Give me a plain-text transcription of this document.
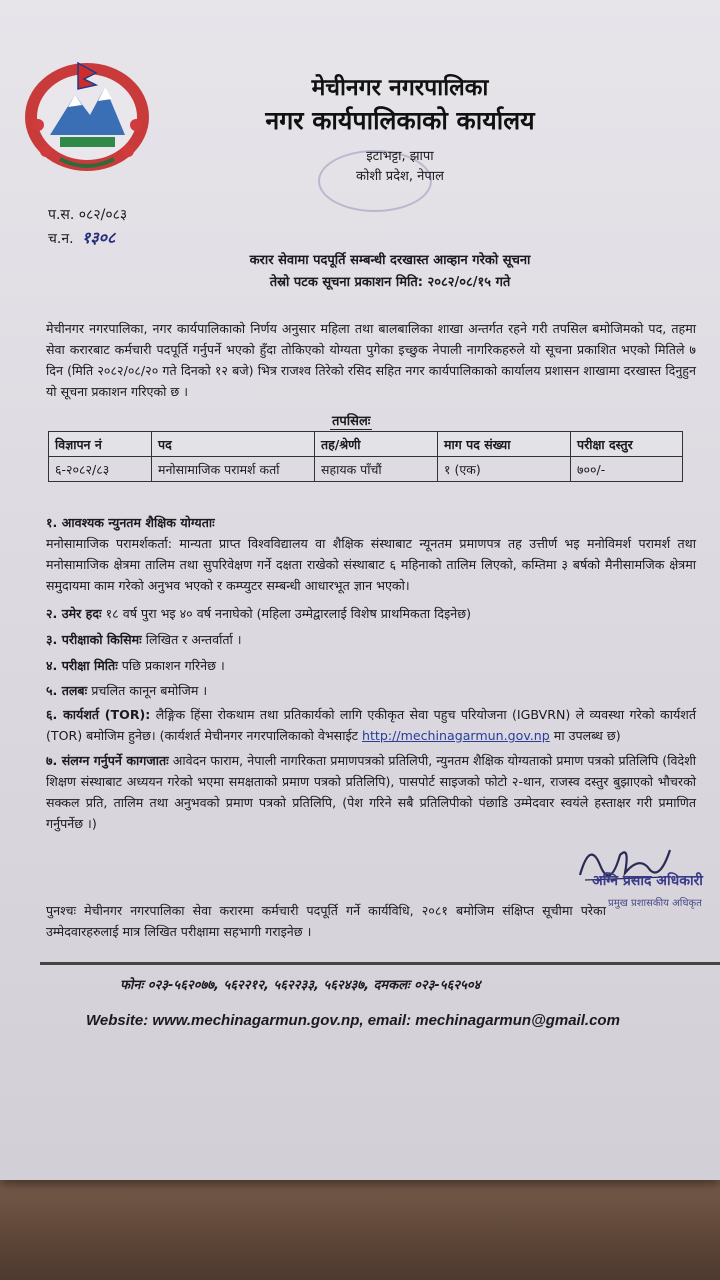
मेचीनगर नगरपालिका
नगर कार्यपालिकाको कार्यालय
इटाभट्टा, झापा
कोशी प्रदेश, नेपाल
प.स. ०८२/०८३
च.न. १३०८
करार सेवामा पदपूर्ति सम्बन्धी दरखास्त आव्हान गरेको सूचना
तेस्रो पटक सूचना प्रकाशन मिति: २०८२/०८/१५ गते
मेचीनगर नगरपालिका, नगर कार्यपालिकाको निर्णय अनुसार महिला तथा बालबालिका शाखा अन्तर्गत रहने गरी तपसिल बमोजिमको पद, तहमा सेवा करारबाट कर्मचारी पदपूर्ति गर्नुपर्ने भएको हुँदा तोकिएको योग्यता पुगेका इच्छुक नेपाली नागरिकहरुले यो सूचना प्रकाशित भएको मितिले ७ दिन (मिति २०८२/०८/२० गते दिनको १२ बजे) भित्र राजश्व तिरेको रसिद सहित नगर कार्यपालिकाको कार्यालय प्रशासन शाखामा दरखास्त दिनुहुन यो सूचना प्रकाशन गरिएको छ ।
तपसिलः
विज्ञापन नं	पद	तह/श्रेणी	माग पद संख्या	परीक्षा दस्तुर
६-२०८२/८३	मनोसामाजिक परामर्श कर्ता	सहायक पाँचौं	१ (एक)	७००/-
१. आवश्यक न्युनतम शैक्षिक योग्यताः
मनोसामाजिक परामर्शकर्ता: मान्यता प्राप्त विश्वविद्यालय वा शैक्षिक संस्थाबाट न्यूनतम प्रमाणपत्र तह उत्तीर्ण भइ मनोविमर्श परामर्श तथा मनोसामाजिक क्षेत्रमा तालिम तथा सुपरिवेक्षण गर्ने दक्षता राखेको संस्थाबाट ६ महिनाको तालिम लिएको, कम्तिमा ३ बर्षको मैनीसामजिक क्षेत्रमा समुदायमा काम गरेको अनुभव भएको र कम्प्युटर सम्बन्धी आधारभूत ज्ञान भएको।
२. उमेर हदः १८ वर्ष पुरा भइ ४० वर्ष ननाघेको (महिला उम्मेद्वारलाई विशेष प्राथमिकता दिइनेछ)
३. परीक्षाको किसिमः लिखित र अन्तर्वार्ता ।
४. परीक्षा मितिः पछि प्रकाशन गरिनेछ ।
५. तलबः प्रचलित कानून बमोजिम ।
६. कार्यशर्त (TOR): लैङ्गिक हिंसा रोकथाम तथा प्रतिकार्यको लागि एकीकृत सेवा पहुच परियोजना (IGBVRN) ले व्यवस्था गरेको कार्यशर्त (TOR) बमोजिम हुनेछ। (कार्यशर्त मेचीनगर नगरपालिकाको वेभसाईट http://mechinagarmun.gov.np मा उपलब्ध छ)
७. संलग्न गर्नुपर्ने कागजातः आवेदन फाराम, नेपाली नागरिकता प्रमाणपत्रको प्रतिलिपी, न्युनतम शैक्षिक योग्यताको प्रमाण पत्रको प्रतिलिपि (विदेशी शिक्षण संस्थाबाट अध्ययन गरेको भएमा समक्षताको प्रमाण पत्रको प्रतिलिपि), पासपोर्ट साइजको फोटो २-थान, राजस्व दस्तुर बुझाएको भौचरको सक्कल प्रति, तालिम तथा अनुभवको प्रमाण पत्रको प्रतिलिपि, (पेश गरिने सबै प्रतिलिपीको पंछाडि उम्मेदवार स्वयंले हस्ताक्षर गरी प्रमाणित गर्नुपर्नेछ ।)
अग्नि प्रसाद अधिकारी
प्रमुख प्रशासकीय अधिकृत
पुनश्चः मेचीनगर नगरपालिका सेवा करारमा कर्मचारी पदपूर्ति गर्ने कार्यविधि, २०८१ बमोजिम संक्षिप्त सूचीमा परेका उम्मेदवारहरुलाई मात्र लिखित परीक्षामा सहभागी गराइनेछ ।
फोनः ०२३-५६२०७७, ५६२२१२, ५६२२३३, ५६२४३७, दमकलः ०२३-५६२५०४
Website: www.mechinagarmun.gov.np, email: mechinagarmun@gmail.com
